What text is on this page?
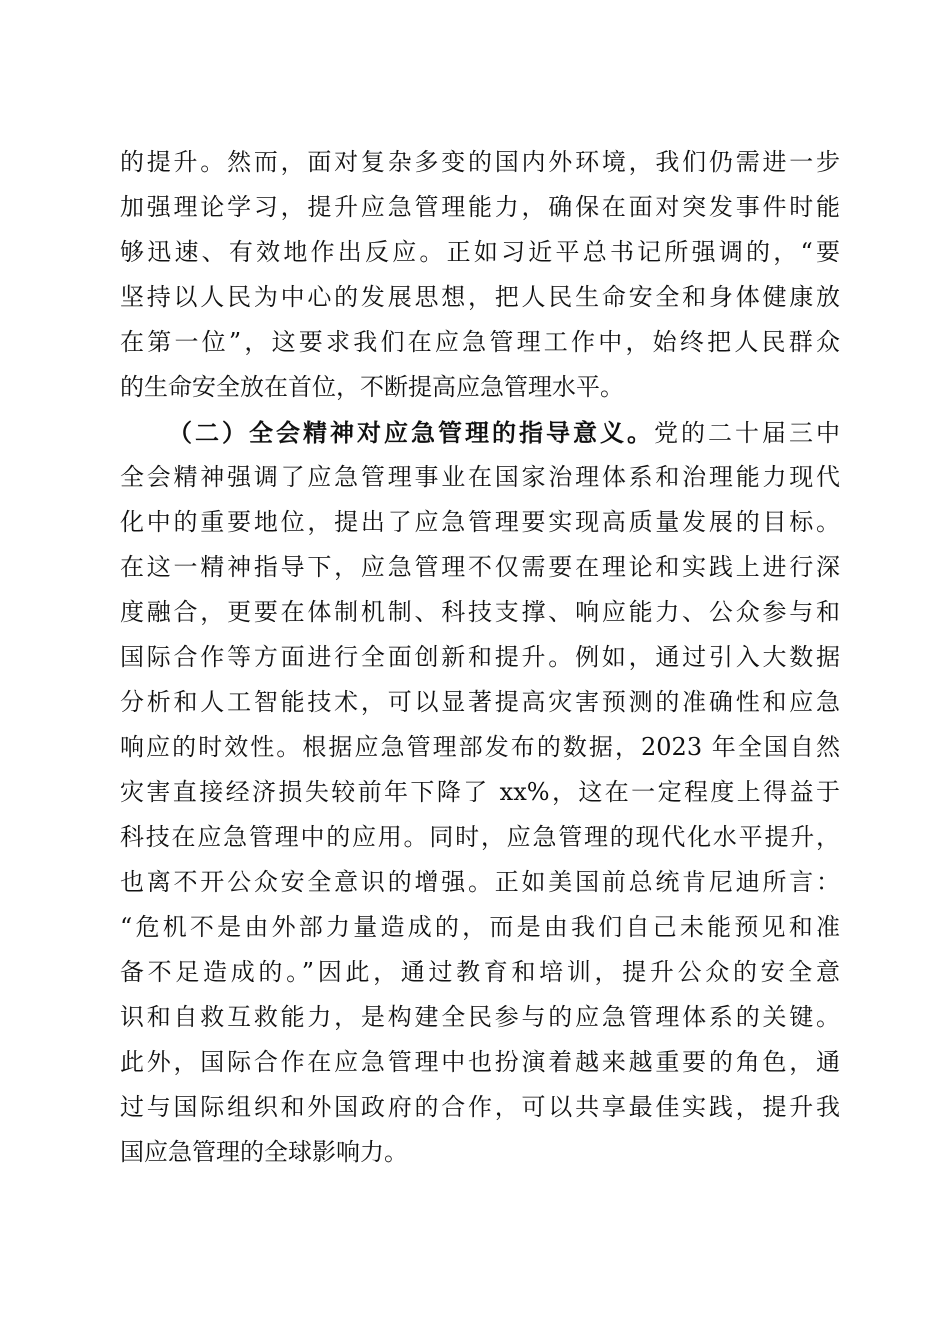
的提升。然而，面对复杂多变的国内外环境，我们仍需进一步
加强理论学习，提升应急管理能力，确保在面对突发事件时能
够迅速、有效地作出反应。正如习近平总书记所强调的，“要
坚持以人民为中心的发展思想，把人民生命安全和身体健康放
在第一位”，这要求我们在应急管理工作中，始终把人民群众
的生命安全放在首位，不断提高应急管理水平。
（二）全会精神对应急管理的指导意义。党的二十届三中
全会精神强调了应急管理事业在国家治理体系和治理能力现代
化中的重要地位，提出了应急管理要实现高质量发展的目标。
在这一精神指导下，应急管理不仅需要在理论和实践上进行深
度融合，更要在体制机制、科技支撑、响应能力、公众参与和
国际合作等方面进行全面创新和提升。例如，通过引入大数据
分析和人工智能技术，可以显著提高灾害预测的准确性和应急
响应的时效性。根据应急管理部发布的数据，2023 年全国自然
灾害直接经济损失较前年下降了 xx%，这在一定程度上得益于
科技在应急管理中的应用。同时，应急管理的现代化水平提升，
也离不开公众安全意识的增强。正如美国前总统肯尼迪所言：
“危机不是由外部力量造成的，而是由我们自己未能预见和准
备不足造成的。”因此，通过教育和培训，提升公众的安全意
识和自救互救能力，是构建全民参与的应急管理体系的关键。
此外，国际合作在应急管理中也扮演着越来越重要的角色，通
过与国际组织和外国政府的合作，可以共享最佳实践，提升我
国应急管理的全球影响力。
